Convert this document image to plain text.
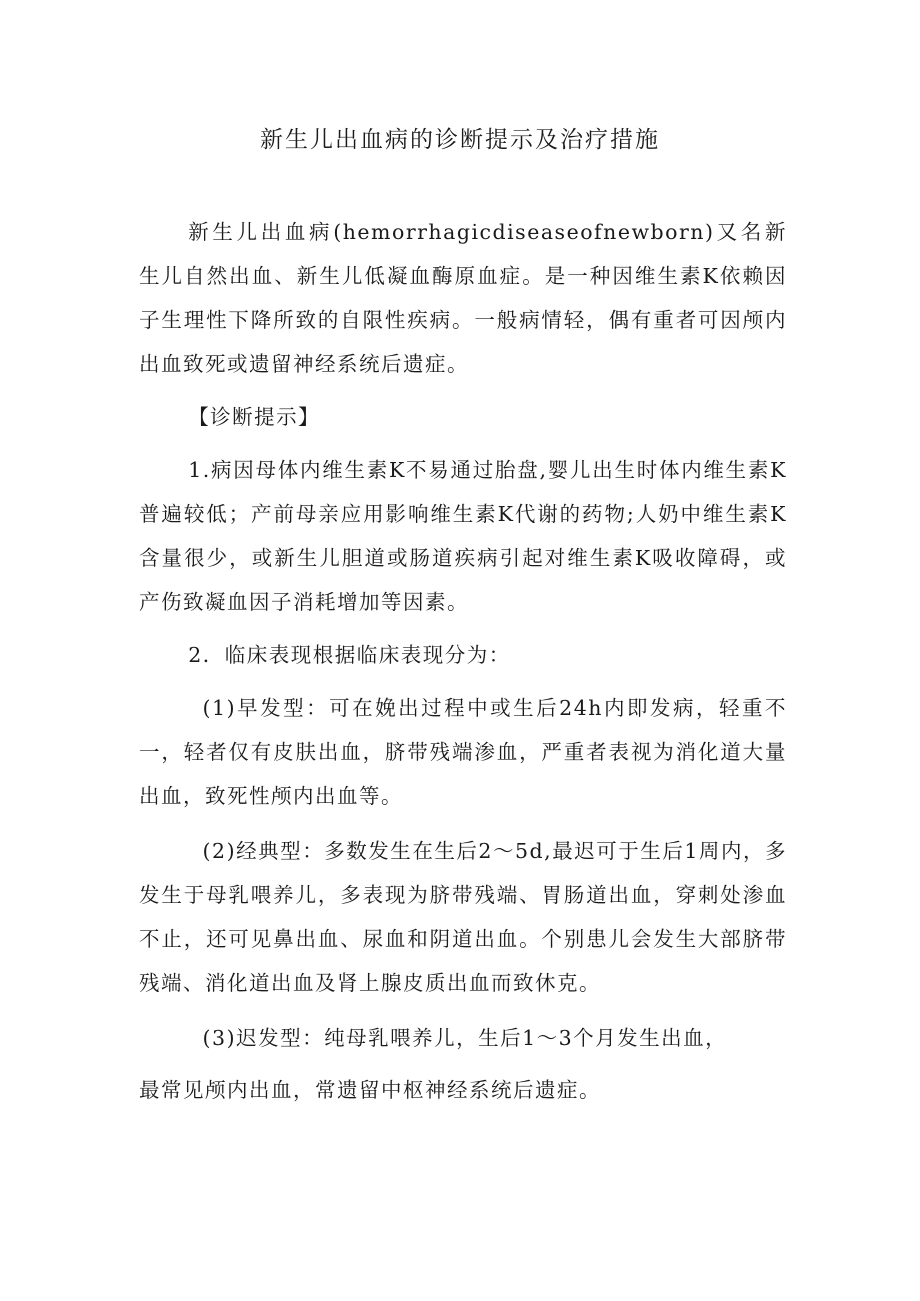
新生儿出血病的诊断提示及治疗措施

新生儿出血病(hemorrhagicdiseaseofnewborn)又名新生儿自然出血、新生儿低凝血酶原血症。是一种因维生素K依赖因子生理性下降所致的自限性疾病。一般病情轻，偶有重者可因颅内出血致死或遗留神经系统后遗症。

【诊断提示】

1.病因母体内维生素K不易通过胎盘,婴儿出生时体内维生素K普遍较低；产前母亲应用影响维生素K代谢的药物;人奶中维生素K含量很少，或新生儿胆道或肠道疾病引起对维生素K吸收障碍，或产伤致凝血因子消耗增加等因素。

2．临床表现根据临床表现分为：

(1)早发型：可在娩出过程中或生后24h内即发病，轻重不一，轻者仅有皮肤出血，脐带残端渗血，严重者表视为消化道大量出血，致死性颅内出血等。

(2)经典型：多数发生在生后2～5d,最迟可于生后1周内，多发生于母乳喂养儿，多表现为脐带残端、胃肠道出血，穿刺处渗血不止，还可见鼻出血、尿血和阴道出血。个别患儿会发生大部脐带残端、消化道出血及肾上腺皮质出血而致休克。

(3)迟发型：纯母乳喂养儿，生后1～3个月发生出血，
最常见颅内出血，常遗留中枢神经系统后遗症。
